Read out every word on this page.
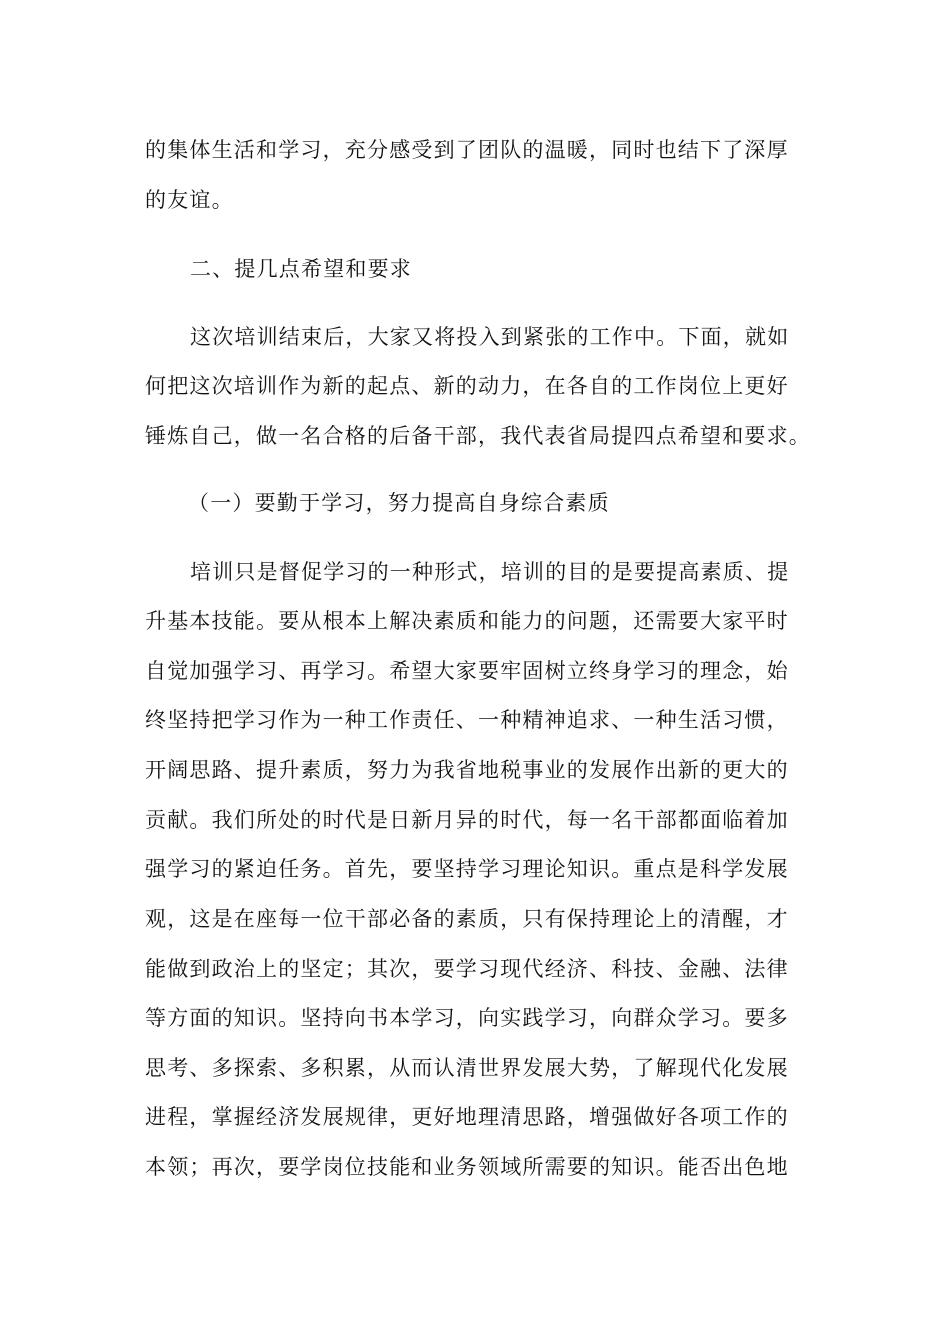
的集体生活和学习，充分感受到了团队的温暖，同时也结下了深厚
的友谊。
二、提几点希望和要求
这次培训结束后，大家又将投入到紧张的工作中。下面，就如
何把这次培训作为新的起点、新的动力，在各自的工作岗位上更好
锤炼自己，做一名合格的后备干部，我代表省局提四点希望和要求。
（一）要勤于学习，努力提高自身综合素质
培训只是督促学习的一种形式，培训的目的是要提高素质、提
升基本技能。要从根本上解决素质和能力的问题，还需要大家平时
自觉加强学习、再学习。希望大家要牢固树立终身学习的理念，始
终坚持把学习作为一种工作责任、一种精神追求、一种生活习惯，
开阔思路、提升素质，努力为我省地税事业的发展作出新的更大的
贡献。我们所处的时代是日新月异的时代，每一名干部都面临着加
强学习的紧迫任务。首先，要坚持学习理论知识。重点是科学发展
观，这是在座每一位干部必备的素质，只有保持理论上的清醒，才
能做到政治上的坚定；其次，要学习现代经济、科技、金融、法律
等方面的知识。坚持向书本学习，向实践学习，向群众学习。要多
思考、多探索、多积累，从而认清世界发展大势，了解现代化发展
进程，掌握经济发展规律，更好地理清思路，增强做好各项工作的
本领；再次，要学岗位技能和业务领域所需要的知识。能否出色地
